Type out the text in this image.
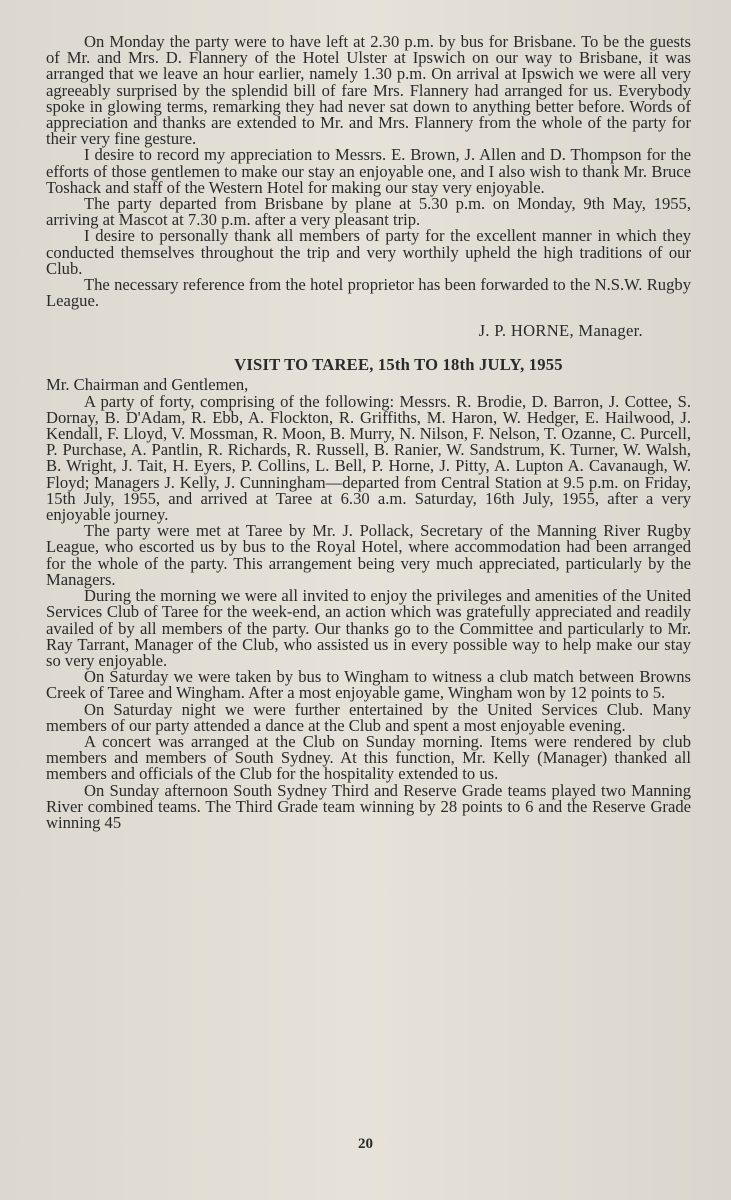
On Monday the party were to have left at 2.30 p.m. by bus for Brisbane. To be the guests of Mr. and Mrs. D. Flannery of the Hotel Ulster at Ipswich on our way to Brisbane, it was arranged that we leave an hour earlier, namely 1.30 p.m. On arrival at Ipswich we were all very agreeably surprised by the splendid bill of fare Mrs. Flannery had arranged for us. Everybody spoke in glowing terms, remarking they had never sat down to anything better before. Words of appreciation and thanks are extended to Mr. and Mrs. Flannery from the whole of the party for their very fine gesture.

I desire to record my appreciation to Messrs. E. Brown, J. Allen and D. Thompson for the efforts of those gentlemen to make our stay an enjoyable one, and I also wish to thank Mr. Bruce Toshack and staff of the Western Hotel for making our stay very enjoyable.

The party departed from Brisbane by plane at 5.30 p.m. on Monday, 9th May, 1955, arriving at Mascot at 7.30 p.m. after a very pleasant trip.

I desire to personally thank all members of party for the excellent manner in which they conducted themselves throughout the trip and very worthily upheld the high traditions of our Club.

The necessary reference from the hotel proprietor has been forwarded to the N.S.W. Rugby League.

J. P. HORNE, Manager.
VISIT TO TAREE, 15th TO 18th JULY, 1955

Mr. Chairman and Gentlemen,

A party of forty, comprising of the following: Messrs. R. Brodie, D. Barron, J. Cottee, S. Dornay, B. D'Adam, R. Ebb, A. Flockton, R. Griffiths, M. Haron, W. Hedger, E. Hailwood, J. Kendall, F. Lloyd, V. Mossman, R. Moon, B. Murry, N. Nilson, F. Nelson, T. Ozanne, C. Purcell, P. Purchase, A. Pantlin, R. Richards, R. Russell, B. Ranier, W. Sandstrum, K. Turner, W. Walsh, B. Wright, J. Tait, H. Eyers, P. Collins, L. Bell, P. Horne, J. Pitty, A. Lupton A. Cavanaugh, W. Floyd; Managers J. Kelly, J. Cunningham—departed from Central Station at 9.5 p.m. on Friday, 15th July, 1955, and arrived at Taree at 6.30 a.m. Saturday, 16th July, 1955, after a very enjoyable journey.

The party were met at Taree by Mr. J. Pollack, Secretary of the Manning River Rugby League, who escorted us by bus to the Royal Hotel, where accommodation had been arranged for the whole of the party. This arrangement being very much appreciated, particularly by the Managers.

During the morning we were all invited to enjoy the privileges and amenities of the United Services Club of Taree for the week-end, an action which was gratefully appreciated and readily availed of by all members of the party. Our thanks go to the Committee and particularly to Mr. Ray Tarrant, Manager of the Club, who assisted us in every possible way to help make our stay so very enjoyable.

On Saturday we were taken by bus to Wingham to witness a club match between Browns Creek of Taree and Wingham. After a most enjoyable game, Wingham won by 12 points to 5.

On Saturday night we were further entertained by the United Services Club. Many members of our party attended a dance at the Club and spent a most enjoyable evening.

A concert was arranged at the Club on Sunday morning. Items were rendered by club members and members of South Sydney. At this function, Mr. Kelly (Manager) thanked all members and officials of the Club for the hospitality extended to us.

On Sunday afternoon South Sydney Third and Reserve Grade teams played two Manning River combined teams. The Third Grade team winning by 28 points to 6 and the Reserve Grade winning 45

20
